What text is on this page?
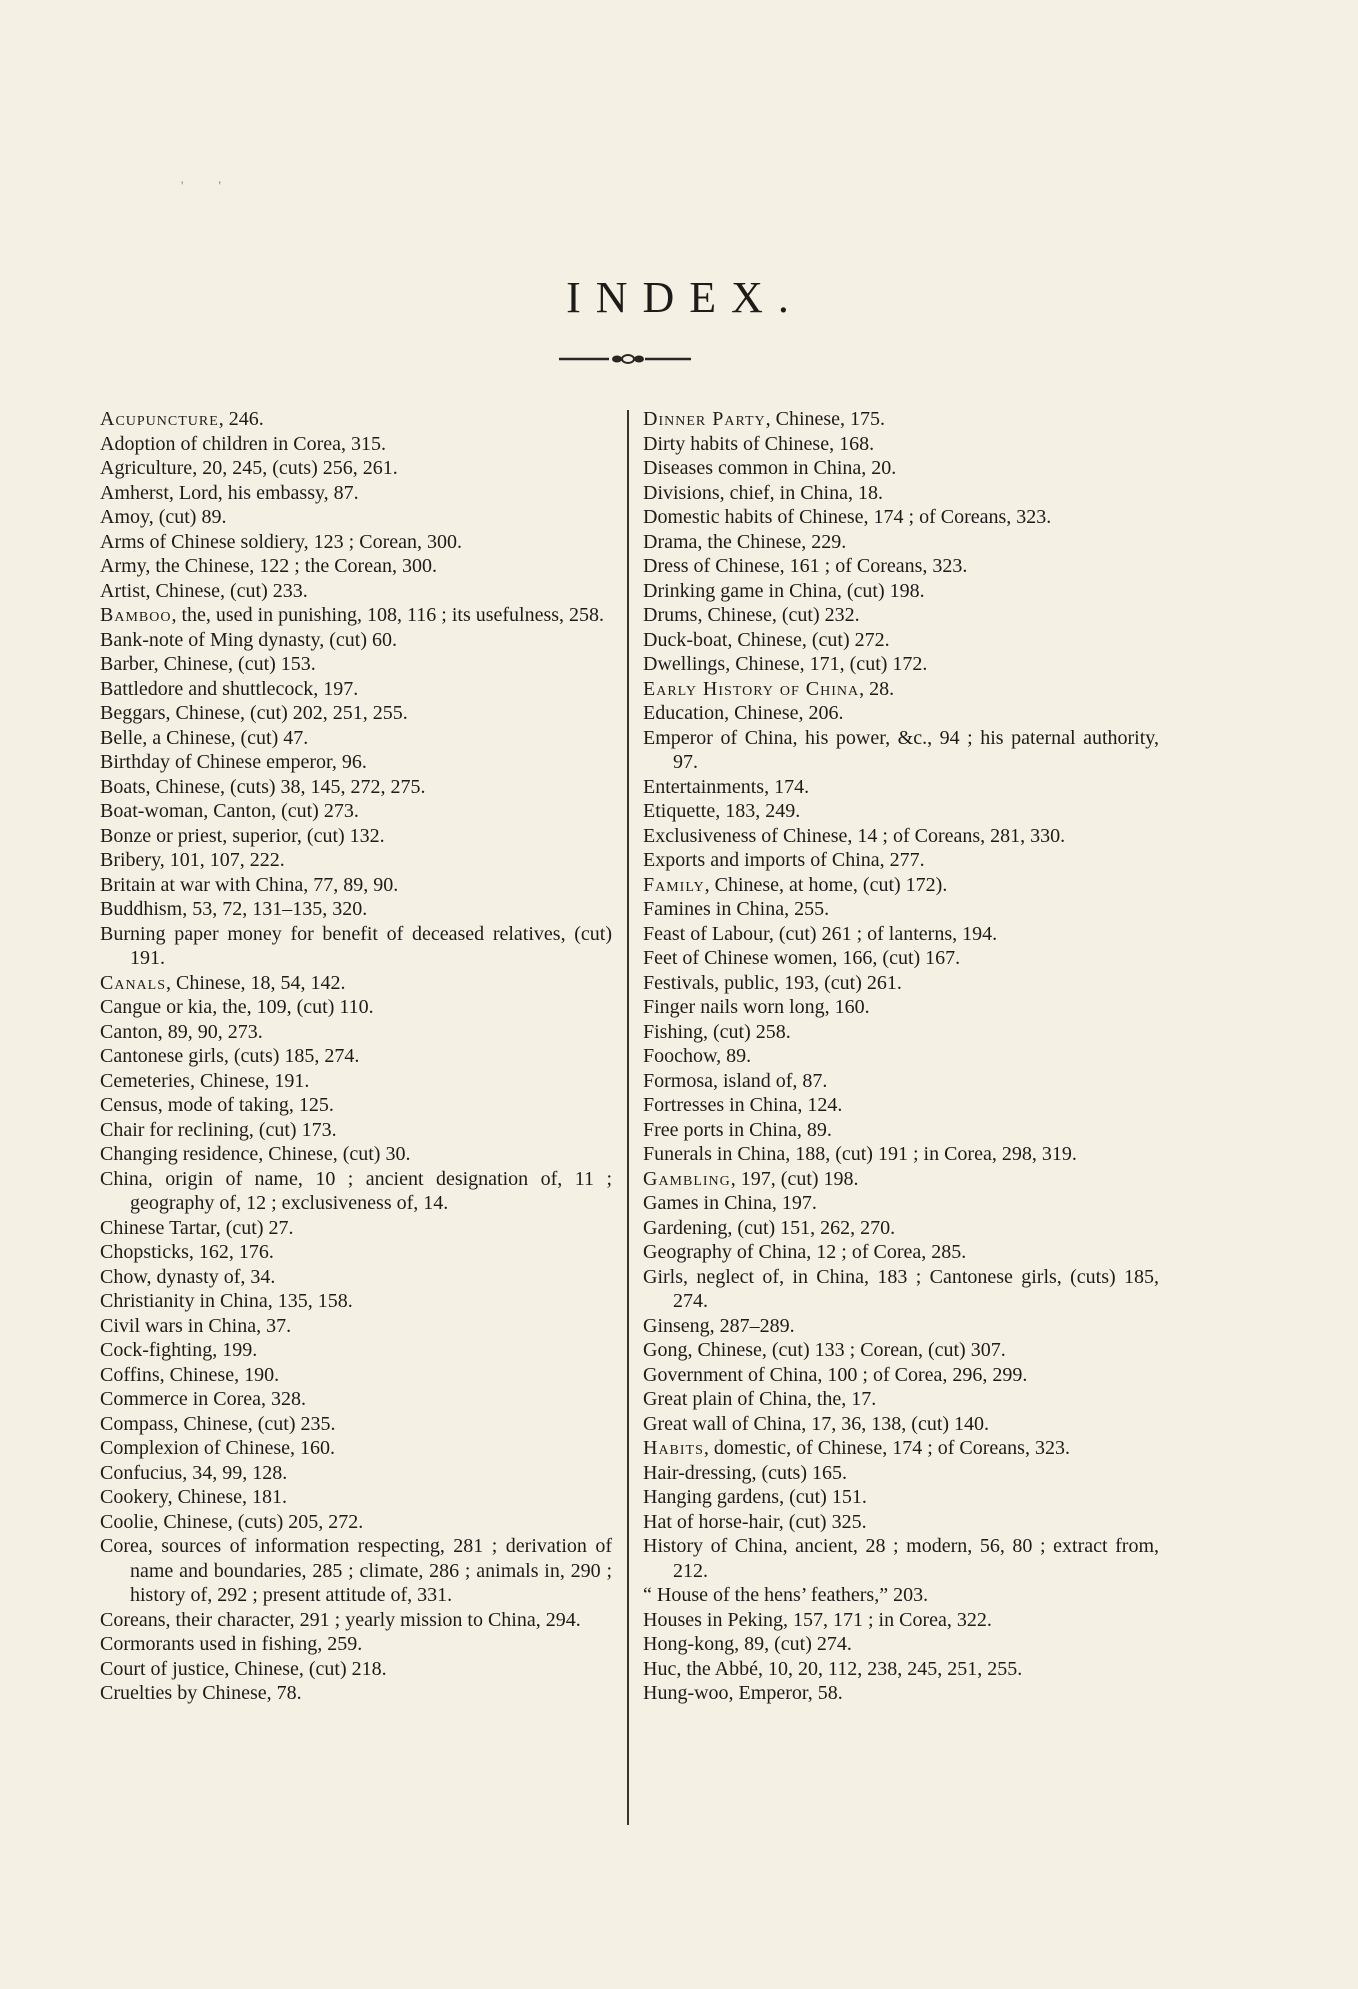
' '
INDEX.
Acupuncture, 246.
Adoption of children in Corea, 315.
Agriculture, 20, 245, (cuts) 256, 261.
Amherst, Lord, his embassy, 87.
Amoy, (cut) 89.
Arms of Chinese soldiery, 123 ; Corean, 300.
Army, the Chinese, 122 ; the Corean, 300.
Artist, Chinese, (cut) 233.
Bamboo, the, used in punishing, 108, 116 ; its usefulness, 258.
Bank-note of Ming dynasty, (cut) 60.
Barber, Chinese, (cut) 153.
Battledore and shuttlecock, 197.
Beggars, Chinese, (cut) 202, 251, 255.
Belle, a Chinese, (cut) 47.
Birthday of Chinese emperor, 96.
Boats, Chinese, (cuts) 38, 145, 272, 275.
Boat-woman, Canton, (cut) 273.
Bonze or priest, superior, (cut) 132.
Bribery, 101, 107, 222.
Britain at war with China, 77, 89, 90.
Buddhism, 53, 72, 131–135, 320.
Burning paper money for benefit of deceased relatives, (cut) 191.
Canals, Chinese, 18, 54, 142.
Cangue or kia, the, 109, (cut) 110.
Canton, 89, 90, 273.
Cantonese girls, (cuts) 185, 274.
Cemeteries, Chinese, 191.
Census, mode of taking, 125.
Chair for reclining, (cut) 173.
Changing residence, Chinese, (cut) 30.
China, origin of name, 10 ; ancient designation of, 11 ; geography of, 12 ; exclusiveness of, 14.
Chinese Tartar, (cut) 27.
Chopsticks, 162, 176.
Chow, dynasty of, 34.
Christianity in China, 135, 158.
Civil wars in China, 37.
Cock-fighting, 199.
Coffins, Chinese, 190.
Commerce in Corea, 328.
Compass, Chinese, (cut) 235.
Complexion of Chinese, 160.
Confucius, 34, 99, 128.
Cookery, Chinese, 181.
Coolie, Chinese, (cuts) 205, 272.
Corea, sources of information respecting, 281 ; derivation of name and boundaries, 285 ; climate, 286 ; animals in, 290 ; history of, 292 ; present attitude of, 331.
Coreans, their character, 291 ; yearly mission to China, 294.
Cormorants used in fishing, 259.
Court of justice, Chinese, (cut) 218.
Cruelties by Chinese, 78.
Dinner Party, Chinese, 175.
Dirty habits of Chinese, 168.
Diseases common in China, 20.
Divisions, chief, in China, 18.
Domestic habits of Chinese, 174 ; of Coreans, 323.
Drama, the Chinese, 229.
Dress of Chinese, 161 ; of Coreans, 323.
Drinking game in China, (cut) 198.
Drums, Chinese, (cut) 232.
Duck-boat, Chinese, (cut) 272.
Dwellings, Chinese, 171, (cut) 172.
Early History of China, 28.
Education, Chinese, 206.
Emperor of China, his power, &c., 94 ; his paternal authority, 97.
Entertainments, 174.
Etiquette, 183, 249.
Exclusiveness of Chinese, 14 ; of Coreans, 281, 330.
Exports and imports of China, 277.
Family, Chinese, at home, (cut) 172).
Famines in China, 255.
Feast of Labour, (cut) 261 ; of lanterns, 194.
Feet of Chinese women, 166, (cut) 167.
Festivals, public, 193, (cut) 261.
Finger nails worn long, 160.
Fishing, (cut) 258.
Foochow, 89.
Formosa, island of, 87.
Fortresses in China, 124.
Free ports in China, 89.
Funerals in China, 188, (cut) 191 ; in Corea, 298, 319.
Gambling, 197, (cut) 198.
Games in China, 197.
Gardening, (cut) 151, 262, 270.
Geography of China, 12 ; of Corea, 285.
Girls, neglect of, in China, 183 ; Cantonese girls, (cuts) 185, 274.
Ginseng, 287–289.
Gong, Chinese, (cut) 133 ; Corean, (cut) 307.
Government of China, 100 ; of Corea, 296, 299.
Great plain of China, the, 17.
Great wall of China, 17, 36, 138, (cut) 140.
Habits, domestic, of Chinese, 174 ; of Coreans, 323.
Hair-dressing, (cuts) 165.
Hanging gardens, (cut) 151.
Hat of horse-hair, (cut) 325.
History of China, ancient, 28 ; modern, 56, 80 ; extract from, 212.
“ House of the hens’ feathers,” 203.
Houses in Peking, 157, 171 ; in Corea, 322.
Hong-kong, 89, (cut) 274.
Huc, the Abbé, 10, 20, 112, 238, 245, 251, 255.
Hung-woo, Emperor, 58.
